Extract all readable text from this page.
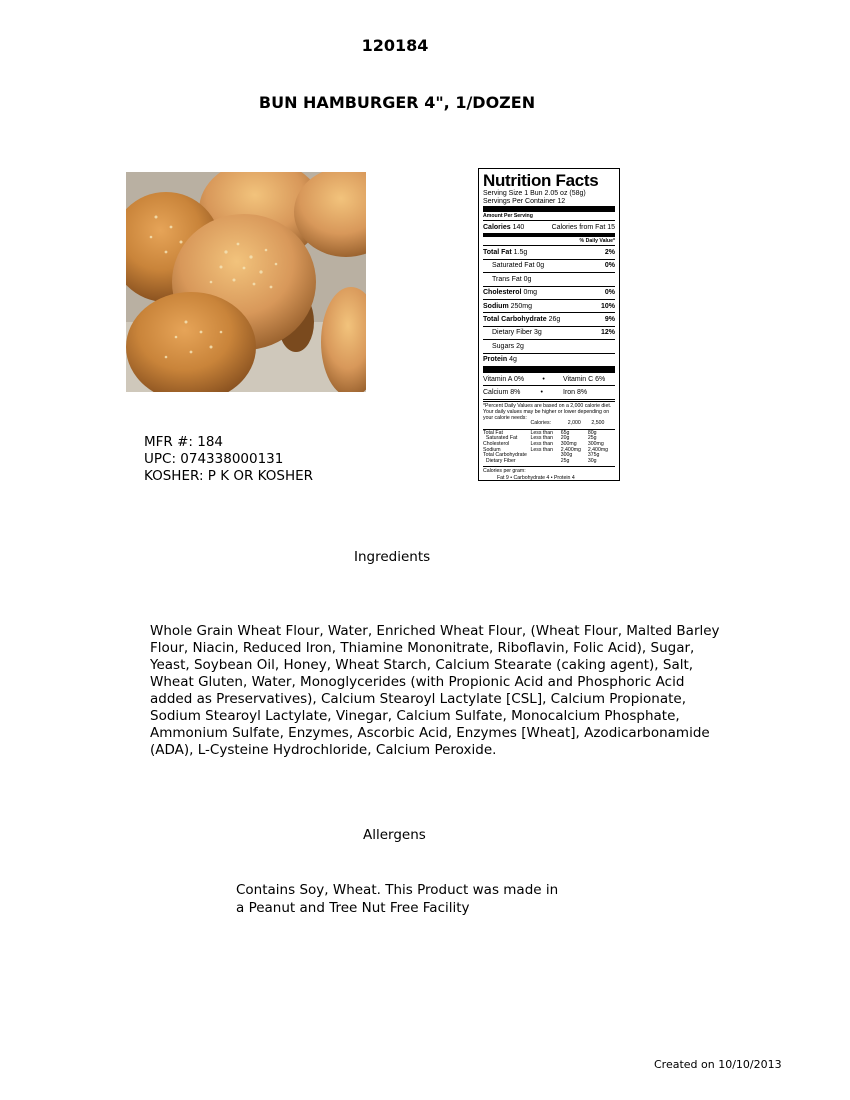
120184
BUN HAMBURGER 4", 1/DOZEN
MFR #: 184
UPC: 074338000131
KOSHER: P K OR KOSHER
Nutrition Facts
Serving Size 1 Bun 2.05 oz (58g)
Servings Per Container 12
Amount Per Serving
Calories 140	Calories from Fat 15
% Daily Value*
Total Fat 1.5g	2%
Saturated Fat 0g	0%
Trans Fat 0g
Cholesterol 0mg	0%
Sodium 250mg	10%
Total Carbohydrate 26g	9%
Dietary Fiber 3g	12%
Sugars 2g
Protein 4g
Vitamin A 0%	•	Vitamin C 6%
Calcium 8%	•	Iron 8%
*Percent Daily Values are based on a 2,000 calorie diet. Your daily values may be higher or lower depending on your calorie needs:
	Calories:	2,000	2,500
Total Fat	Less than	65g	80g
Saturated Fat	Less than	20g	25g
Cholesterol	Less than	300mg	300mg
Sodium	Less than	2,400mg	2,400mg
Total Carbohydrate		300g	375g
Dietary Fiber		25g	30g
Calories per gram:
Fat 9 • Carbohydrate 4 • Protein 4
Ingredients
Whole Grain Wheat Flour, Water, Enriched Wheat Flour, (Wheat Flour, Malted Barley Flour, Niacin, Reduced Iron, Thiamine Mononitrate, Riboflavin, Folic Acid), Sugar, Yeast, Soybean Oil, Honey, Wheat Starch, Calcium Stearate (caking agent), Salt, Wheat Gluten, Water, Monoglycerides (with Propionic Acid and Phosphoric Acid added as Preservatives), Calcium Stearoyl Lactylate [CSL], Calcium Propionate, Sodium Stearoyl Lactylate, Vinegar, Calcium Sulfate, Monocalcium Phosphate, Ammonium Sulfate, Enzymes, Ascorbic Acid, Enzymes [Wheat], Azodicarbonamide (ADA), L-Cysteine Hydrochloride, Calcium Peroxide.
Allergens
Contains Soy, Wheat. This Product was made in
a Peanut and Tree Nut Free Facility
Created on 10/10/2013
